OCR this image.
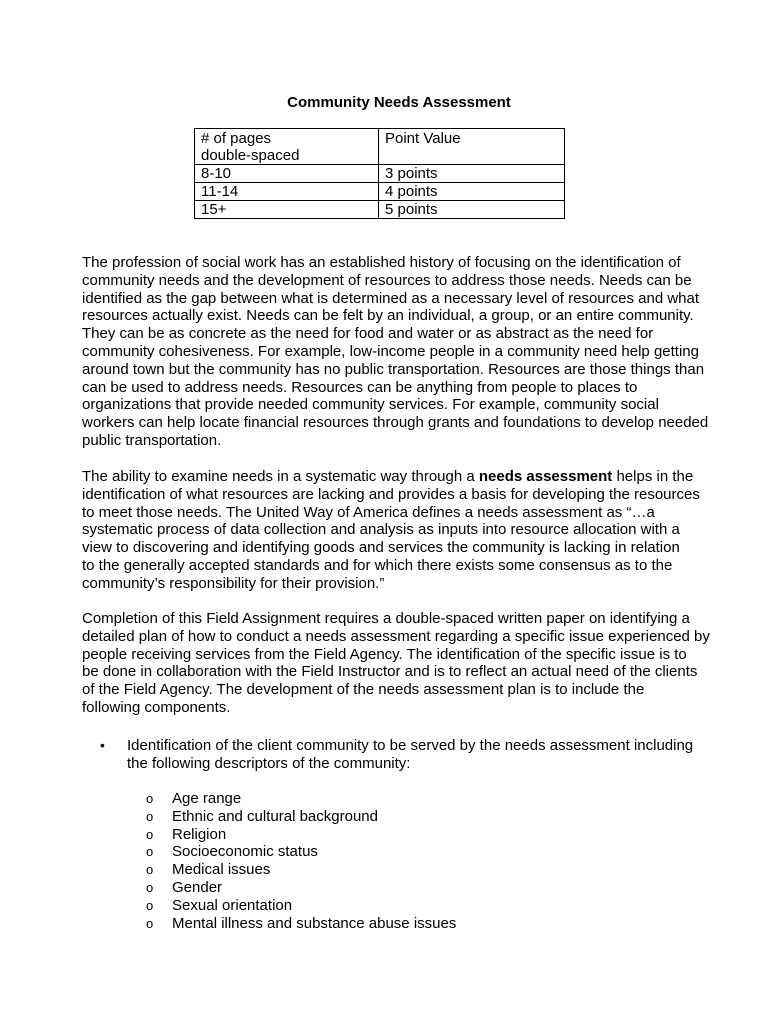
Community Needs Assessment
# of pages
double-spaced	Point Value
8-10	3 points
11-14	4 points
15+	5 points

The profession of social work has an established history of focusing on the identification of

community needs and the development of resources to address those needs. Needs can be

identified as the gap between what is determined as a necessary level of resources and what

resources actually exist. Needs can be felt by an individual, a group, or an entire community.

They can be as concrete as the need for food and water or as abstract as the need for

community cohesiveness. For example, low-income people in a community need help getting

around town but the community has no public transportation. Resources are those things than

can be used to address needs. Resources can be anything from people to places to

organizations that provide needed community services. For example, community social

workers can help locate financial resources through grants and foundations to develop needed

public transportation.

The ability to examine needs in a systematic way through a needs assessment helps in the

identification of what resources are lacking and provides a basis for developing the resources

to meet those needs. The United Way of America defines a needs assessment as “…a

systematic process of data collection and analysis as inputs into resource allocation with a

view to discovering and identifying goods and services the community is lacking in relation

to the generally accepted standards and for which there exists some consensus as to the

community’s responsibility for their provision.”

Completion of this Field Assignment requires a double-spaced written paper on identifying a

detailed plan of how to conduct a needs assessment regarding a specific issue experienced by

people receiving services from the Field Agency. The identification of the specific issue is to

be done in collaboration with the Field Instructor and is to reflect an actual need of the clients

of the Field Agency. The development of the needs assessment plan is to include the

following components.

•	Identification of the client community to be served by the needs assessment including
the following descriptors of the community:
o	Age range
o	Ethnic and cultural background
o	Religion
o	Socioeconomic status
o	Medical issues
o	Gender
o	Sexual orientation
o	Mental illness and substance abuse issues
